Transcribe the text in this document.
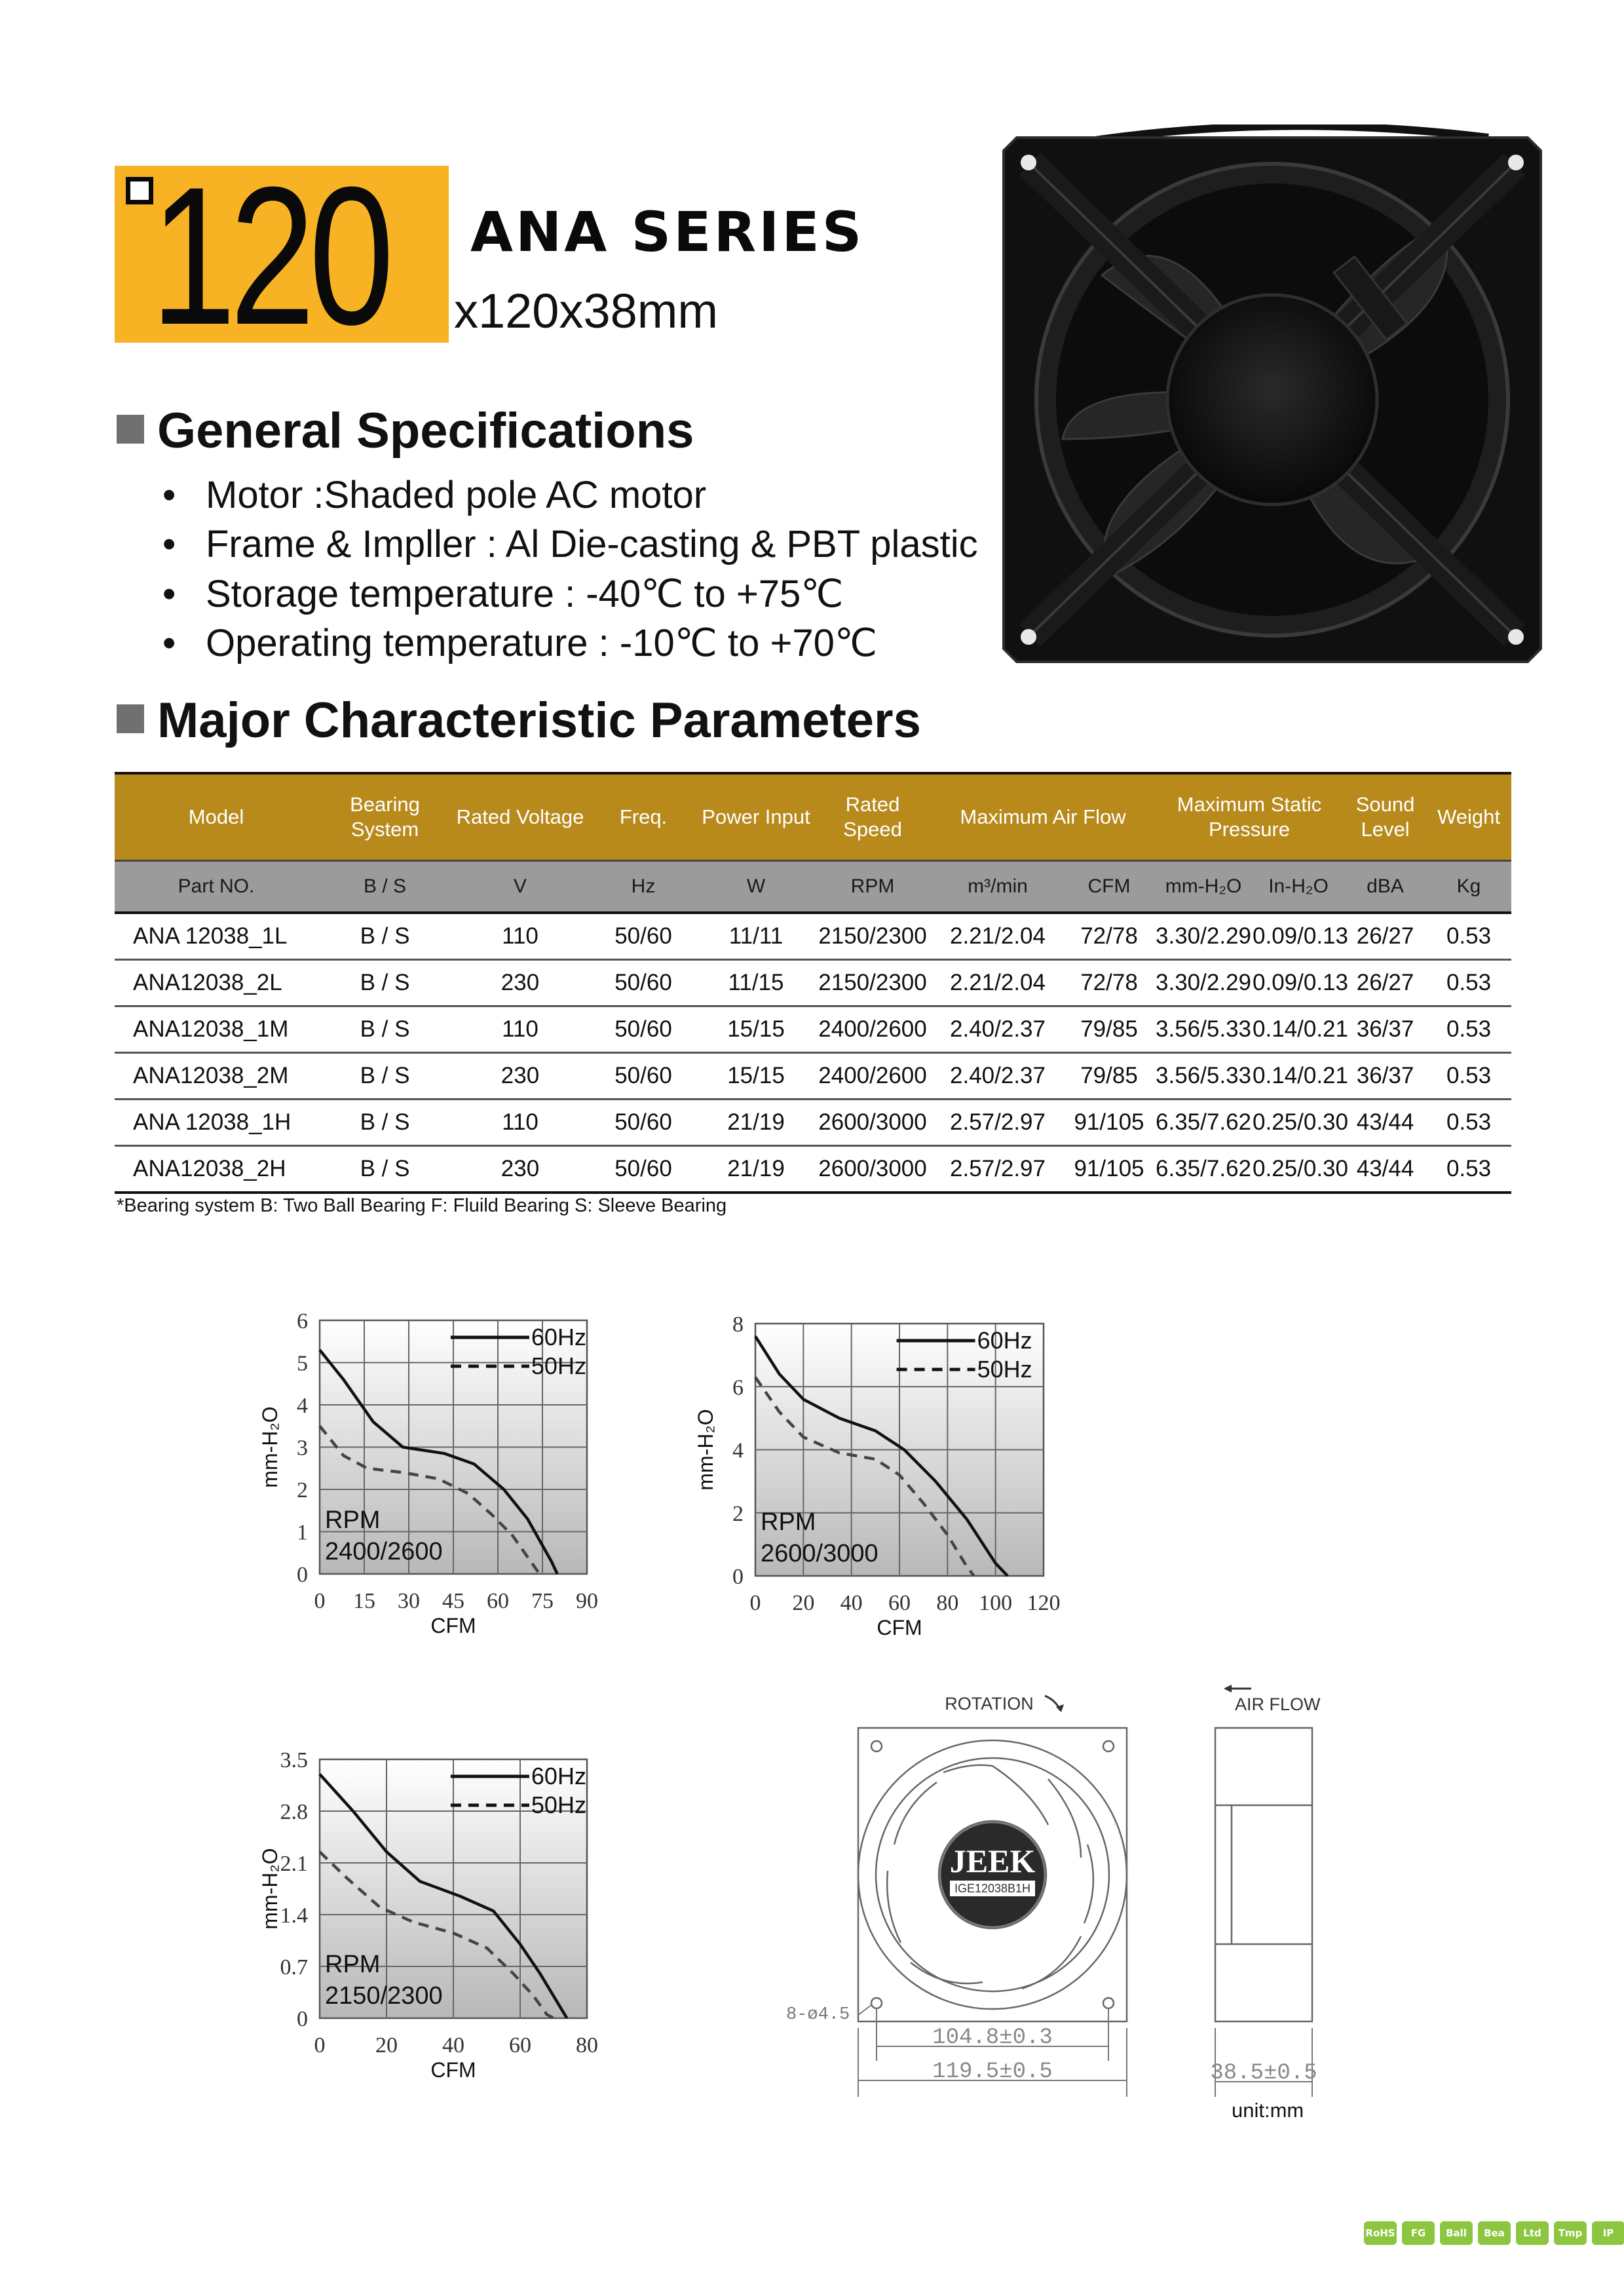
120 ANA SERIES
x120x38mm
General Specifications
• Motor :Shaded pole AC motor
• Frame & Impller : Al Die-casting & PBT plastic
• Storage temperature : -40℃ to +75℃
• Operating temperature : -10℃ to +70℃
Major Characteristic Parameters
Model	Bearing System	Rated Voltage	Freq.	Power Input	Rated Speed	Maximum Air Flow		Maximum Static Pressure		Sound Level	Weight
Part NO.	B / S	V	Hz	W	RPM	m³/min	CFM	mm-H₂O	In-H₂O	dBA	Kg
ANA 12038_1L	B / S	110	50/60	11/11	2150/2300	2.21/2.04	72/78	3.30/2.29	0.09/0.13	26/27	0.53
ANA12038_2L	B / S	230	50/60	11/15	2150/2300	2.21/2.04	72/78	3.30/2.29	0.09/0.13	26/27	0.53
ANA12038_1M	B / S	110	50/60	15/15	2400/2600	2.40/2.37	79/85	3.56/5.33	0.14/0.21	36/37	0.53
ANA12038_2M	B / S	230	50/60	15/15	2400/2600	2.40/2.37	79/85	3.56/5.33	0.14/0.21	36/37	0.53
ANA 12038_1H	B / S	110	50/60	21/19	2600/3000	2.57/2.97	91/105	6.35/7.62	0.25/0.30	43/44	0.53
ANA12038_2H	B / S	230	50/60	21/19	2600/3000	2.57/2.97	91/105	6.35/7.62	0.25/0.30	43/44	0.53
*Bearing system B: Two Ball Bearing F: Fluild Bearing S: Sleeve Bearing
0 15 30 45 60 75 90
0
1
2
3
4
5
6
CFM
mm-H₂O
60Hz
50Hz
RPM
2400/2600
0 20 40 60 80 100 120
0
2
4
6
8
CFM
mm-H₂O
60Hz
50Hz
RPM
2600/3000
0 20 40 60 80
0
0.7
1.4
2.1
2.8
3.5
CFM
mm-H₂O
60Hz
50Hz
RPM
2150/2300
JEEK
IGE12038B1H
ROTATION	AIR FLOW
8-ø4.5
104.8±0.3
119.5±0.5	38.5±0.5
unit:mm
RoHS	FG	Ball	Bea	Ltd	Tmp	IP
